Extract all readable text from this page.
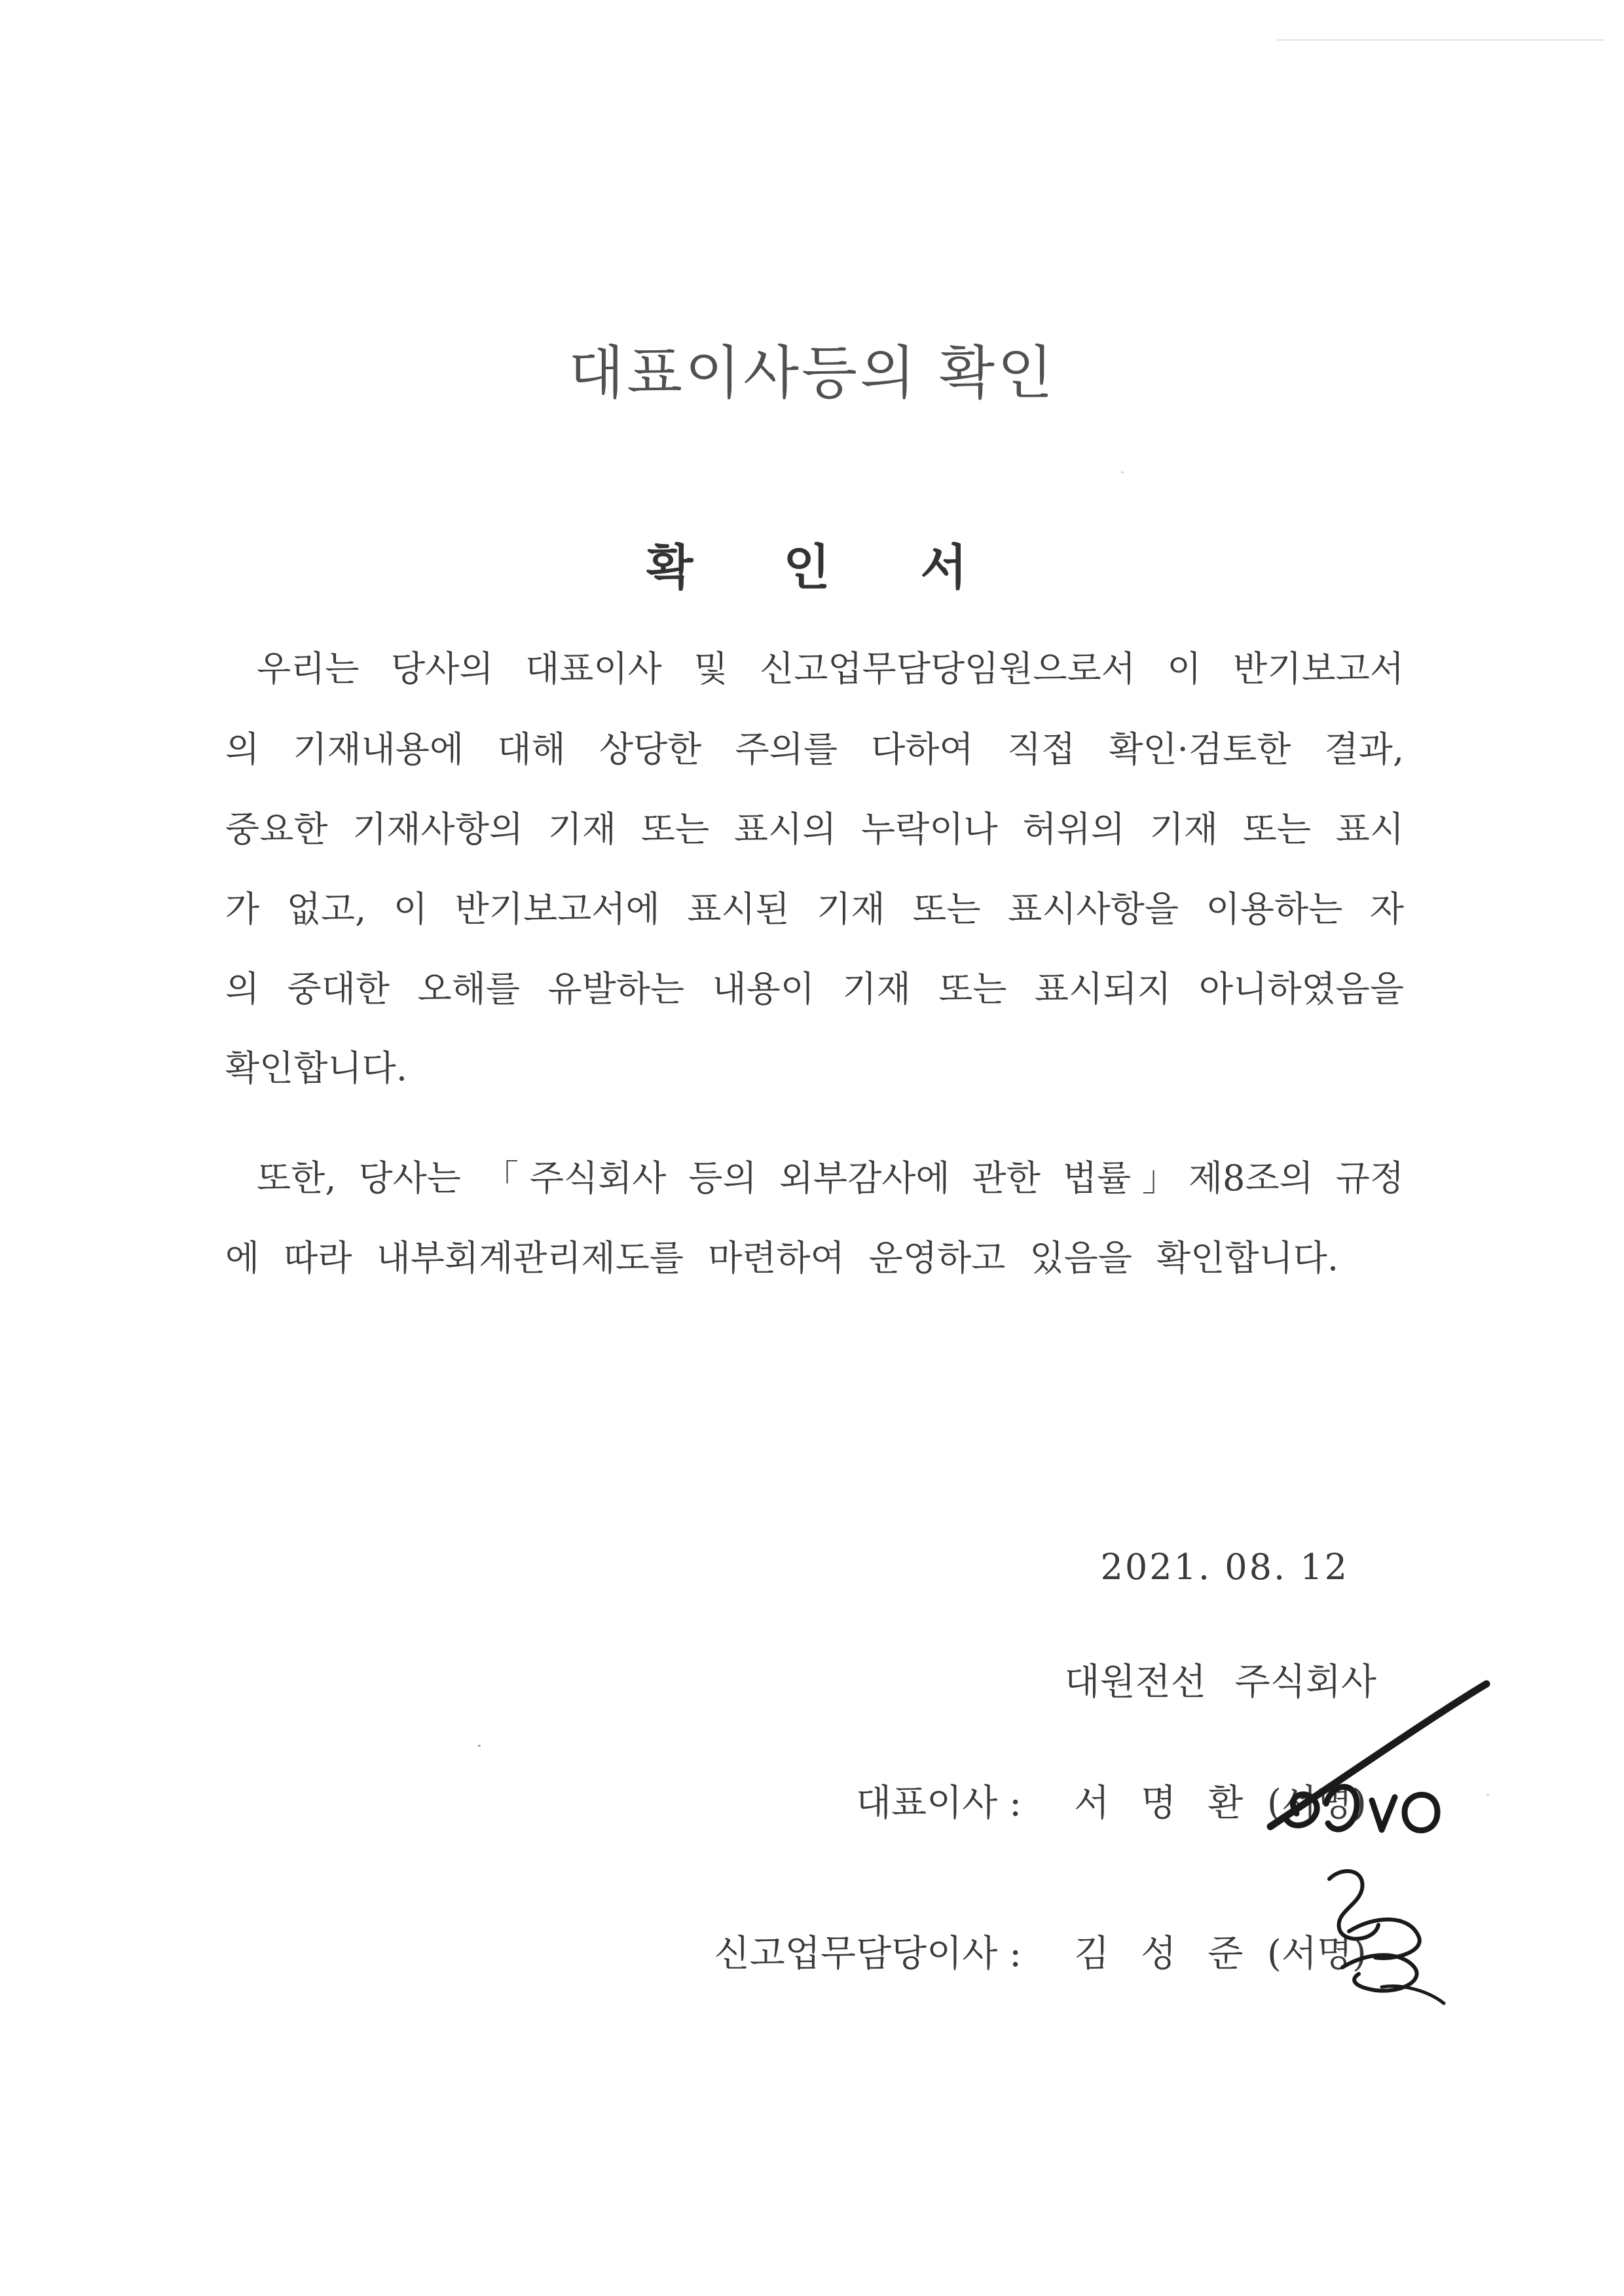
대표이사등의 확인
확 인 서
우리는 당사의 대표이사 및 신고업무담당임원으로서 이 반기보고서
의 기재내용에 대해 상당한 주의를 다하여 직접 확인·검토한 결과,
중요한 기재사항의 기재 또는 표시의 누락이나 허위의 기재 또는 표시
가 없고, 이 반기보고서에 표시된 기재 또는 표시사항을 이용하는 자
의 중대한 오해를 유발하는 내용이 기재 또는 표시되지 아니하였음을
확인합니다.
또한, 당사는 「주식회사 등의 외부감사에 관한 법률」제8조의 규정
에 따라 내부회계관리제도를 마련하여 운영하고 있음을 확인합니다.
2021. 08. 12
대원전선 주식회사
대표이사 : 서명환
(서명)
신고업무담당이사 : 김성준
(서명)
